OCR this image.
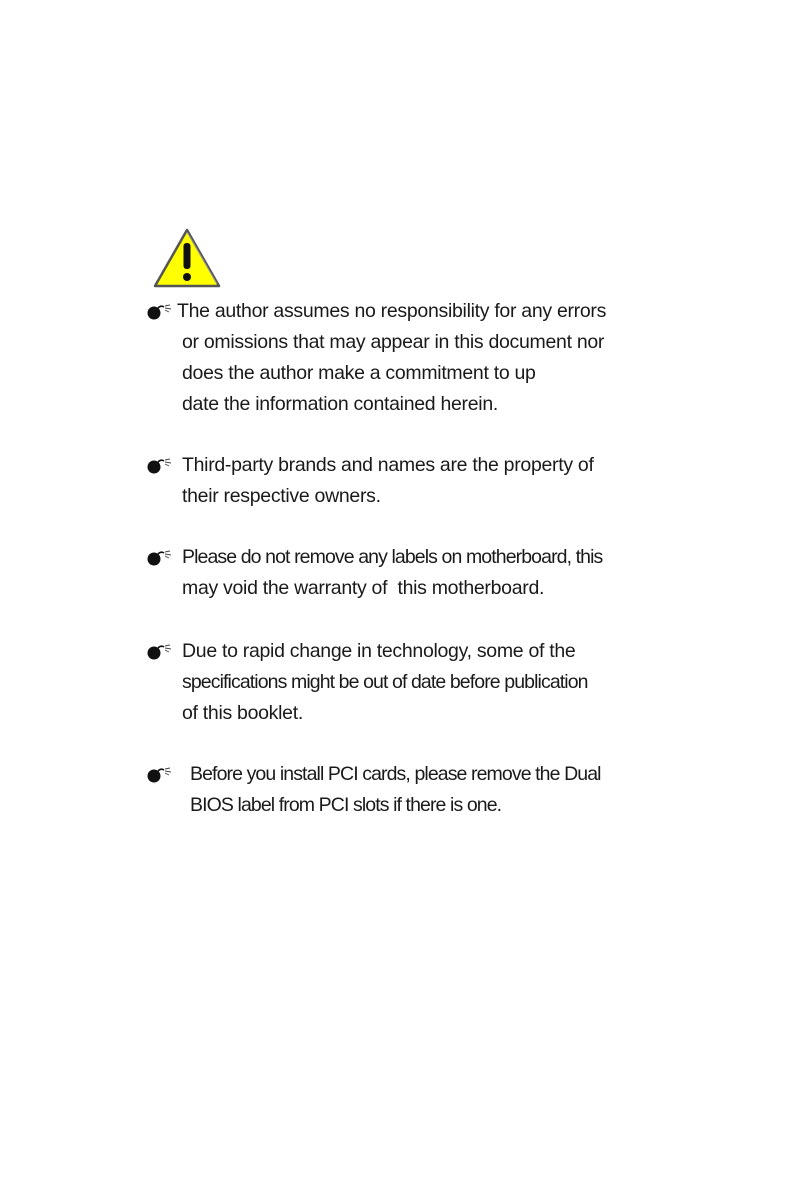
The author assumes no responsibility for any errors
or omissions that may appear in this document nor
does the author make a commitment to up
date the information contained herein.
Third-party brands and names are the property of
their respective owners.
Please do not remove any labels on motherboard, this
may void the warranty of  this motherboard.
Due to rapid change in technology, some of the
specifications might be out of date before publication
of this booklet.
Before you install PCI cards, please remove the Dual
BIOS label from PCI slots if there is one.
